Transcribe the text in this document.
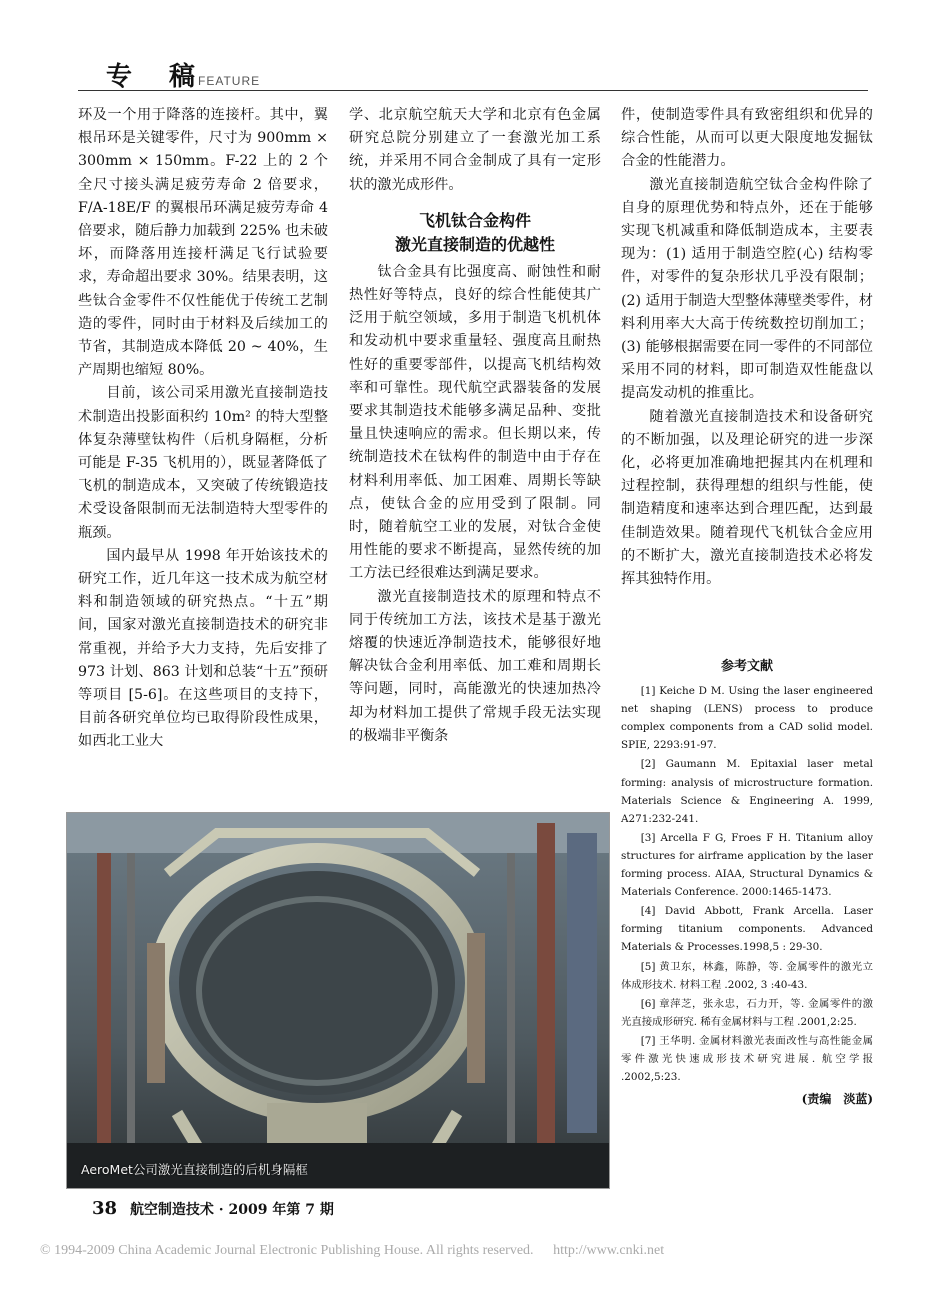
专 稿
FEATURE

环及一个用于降落的连接杆。其中，翼根吊环是关键零件，尺寸为 900mm × 300mm × 150mm。F-22 上的 2 个全尺寸接头满足疲劳寿命 2 倍要求，F/A-18E/F 的翼根吊环满足疲劳寿命 4 倍要求，随后静力加载到 225% 也未破坏，而降落用连接杆满足飞行试验要求，寿命超出要求 30%。结果表明，这些钛合金零件不仅性能优于传统工艺制造的零件，同时由于材料及后续加工的节省，其制造成本降低 20 ~ 40%，生产周期也缩短 80%。

目前，该公司采用激光直接制造技术制造出投影面积约 10m² 的特大型整体复杂薄壁钛构件（后机身隔框，分析可能是 F-35 飞机用的），既显著降低了飞机的制造成本，又突破了传统锻造技术受设备限制而无法制造特大型零件的瓶颈。

国内最早从 1998 年开始该技术的研究工作，近几年这一技术成为航空材料和制造领域的研究热点。“十五”期间，国家对激光直接制造技术的研究非常重视，并给予大力支持，先后安排了 973 计划、863 计划和总装“十五”预研等项目 [5-6]。在这些项目的支持下，目前各研究单位均已取得阶段性成果，如西北工业大

学、北京航空航天大学和北京有色金属研究总院分别建立了一套激光加工系统，并采用不同合金制成了具有一定形状的激光成形件。

飞机钛合金构件
激光直接制造的优越性

钛合金具有比强度高、耐蚀性和耐热性好等特点，良好的综合性能使其广泛用于航空领域，多用于制造飞机机体和发动机中要求重量轻、强度高且耐热性好的重要零部件，以提高飞机结构效率和可靠性。现代航空武器装备的发展要求其制造技术能够多满足品种、变批量且快速响应的需求。但长期以来，传统制造技术在钛构件的制造中由于存在材料利用率低、加工困难、周期长等缺点，使钛合金的应用受到了限制。同时，随着航空工业的发展，对钛合金使用性能的要求不断提高，显然传统的加工方法已经很难达到满足要求。

激光直接制造技术的原理和特点不同于传统加工方法，该技术是基于激光熔覆的快速近净制造技术，能够很好地解决钛合金利用率低、加工难和周期长等问题，同时，高能激光的快速加热冷却为材料加工提供了常规手段无法实现的极端非平衡条

件，使制造零件具有致密组织和优异的综合性能，从而可以更大限度地发掘钛合金的性能潜力。

激光直接制造航空钛合金构件除了自身的原理优势和特点外，还在于能够实现飞机减重和降低制造成本，主要表现为：(1) 适用于制造空腔(心) 结构零件，对零件的复杂形状几乎没有限制；(2) 适用于制造大型整体薄壁类零件，材料利用率大大高于传统数控切削加工；(3) 能够根据需要在同一零件的不同部位采用不同的材料，即可制造双性能盘以提高发动机的推重比。

随着激光直接制造技术和设备研究的不断加强，以及理论研究的进一步深化，必将更加准确地把握其内在机理和过程控制，获得理想的组织与性能，使制造精度和速率达到合理匹配，达到最佳制造效果。随着现代飞机钛合金应用的不断扩大，激光直接制造技术必将发挥其独特作用。

参考文献

[1] Keiche D M. Using the laser engineered net shaping (LENS) process to produce complex components from a CAD solid model. SPIE, 2293:91-97.

[2] Gaumann M. Epitaxial laser metal forming: analysis of microstructure formation. Materials Science & Engineering A. 1999, A271:232-241.

[3] Arcella F G, Froes F H. Titanium alloy structures for airframe application by the laser forming process. AIAA, Structural Dynamics & Materials Conference. 2000:1465-1473.

[4] David Abbott, Frank Arcella. Laser forming titanium components. Advanced Materials & Processes.1998,5 : 29-30.

[5] 黄卫东，林鑫，陈静，等. 金属零件的激光立体成形技术. 材料工程 .2002, 3 :40-43.

[6] 章萍芝，张永忠，石力开，等. 金属零件的激光直接成形研究. 稀有金属材料与工程 .2001,2:25.

[7] 王华明. 金属材料激光表面改性与高性能金属零件激光快速成形技术研究进展. 航空学报 .2002,5:23.

(责编　淡蓝)
AeroMet公司激光直接制造的后机身隔框
38 航空制造技术 · 2009 年第 7 期
© 1994-2009 China Academic Journal Electronic Publishing House. All rights reserved. http://www.cnki.net
